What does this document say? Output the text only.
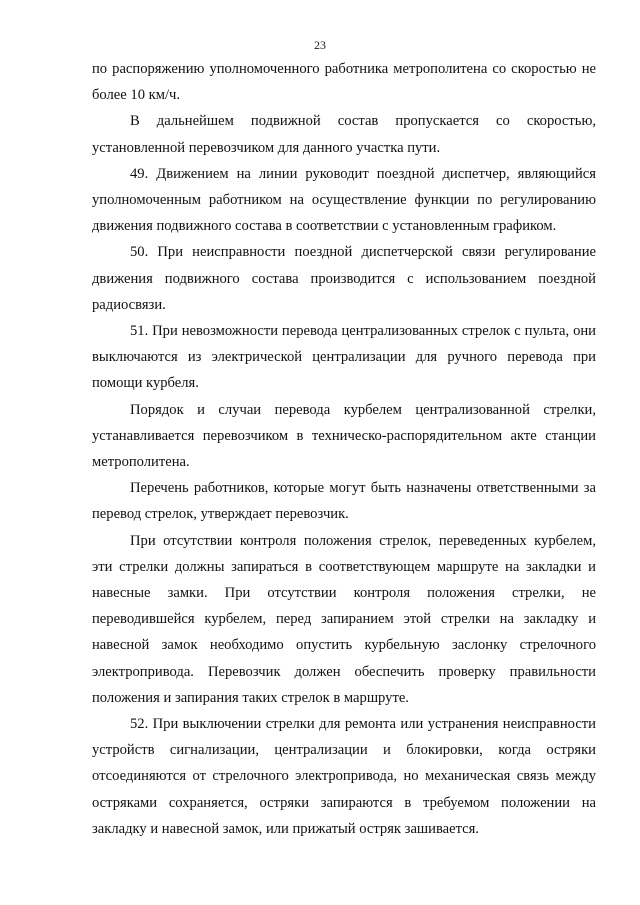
23

по распоряжению уполномоченного работника метрополитена со скоростью не более 10 км/ч.

В дальнейшем подвижной состав пропускается со скоростью, установленной перевозчиком для данного участка пути.

49. Движением на линии руководит поездной диспетчер, являющийся уполномоченным работником на осуществление функции по регулированию движения подвижного состава в соответствии с установленным графиком.

50. При неисправности поездной диспетчерской связи регулирование движения подвижного состава производится с использованием поездной радиосвязи.

51. При невозможности перевода централизованных стрелок с пульта, они выключаются из электрической централизации для ручного перевода при помощи курбеля.

Порядок и случаи перевода курбелем централизованной стрелки, устанавливается перевозчиком в техническо-распорядительном акте станции метрополитена.

Перечень работников, которые могут быть назначены ответственными за перевод стрелок, утверждает перевозчик.

При отсутствии контроля положения стрелок, переведенных курбелем, эти стрелки должны запираться в соответствующем маршруте на закладки и навесные замки. При отсутствии контроля положения стрелки, не переводившейся курбелем, перед запиранием этой стрелки на закладку и навесной замок необходимо опустить курбельную заслонку стрелочного электропривода. Перевозчик должен обеспечить проверку правильности положения и запирания таких стрелок в маршруте.

52. При выключении стрелки для ремонта или устранения неисправности устройств сигнализации, централизации и блокировки, когда остряки отсоединяются от стрелочного электропривода, но механическая связь между остряками сохраняется, остряки запираются в требуемом положении на закладку и навесной замок, или прижатый остряк зашивается.
